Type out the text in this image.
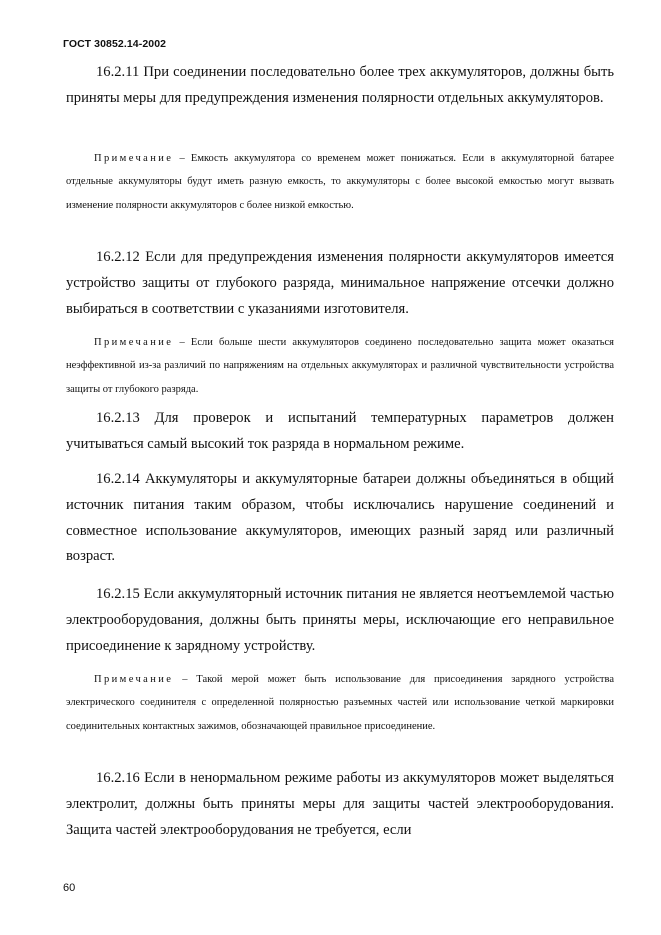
ГОСТ 30852.14-2002

16.2.11 При соединении последовательно более трех аккумуляторов, должны быть приняты меры для предупреждения изменения полярности отдельных аккумуляторов.

Примечание – Емкость аккумулятора со временем может понижаться. Если в аккумуляторной батарее отдельные аккумуляторы будут иметь разную емкость, то аккумуляторы с более высокой емкостью могут вызвать изменение полярности аккумуляторов с более низкой емкостью.

16.2.12 Если для предупреждения изменения полярности аккумуляторов имеется устройство защиты от глубокого разряда, минимальное напряжение отсечки должно выбираться в соответствии с указаниями изготовителя.

Примечание – Если больше шести аккумуляторов соединено последовательно защита может оказаться неэффективной из-за различий по напряжениям на отдельных аккумуляторах и различной чувствительности устройства защиты от глубокого разряда.

16.2.13 Для проверок и испытаний температурных параметров должен учитываться самый высокий ток разряда в нормальном режиме.

16.2.14 Аккумуляторы и аккумуляторные батареи должны объединяться в общий источник питания таким образом, чтобы исключались нарушение соединений и совместное использование аккумуляторов, имеющих разный заряд или различный возраст.

16.2.15 Если аккумуляторный источник питания не является неотъемлемой частью электрооборудования, должны быть приняты меры, исключающие его неправильное присоединение к зарядному устройству.

Примечание – Такой мерой может быть использование для присоединения зарядного устройства электрического соединителя с определенной полярностью разъемных частей или использование четкой маркировки соединительных контактных зажимов, обозначающей правильное присоединение.

16.2.16 Если в ненормальном режиме работы из аккумуляторов может выделяться электролит, должны быть приняты меры для защиты частей электрооборудования. Защита частей электрооборудования не требуется, если

60
